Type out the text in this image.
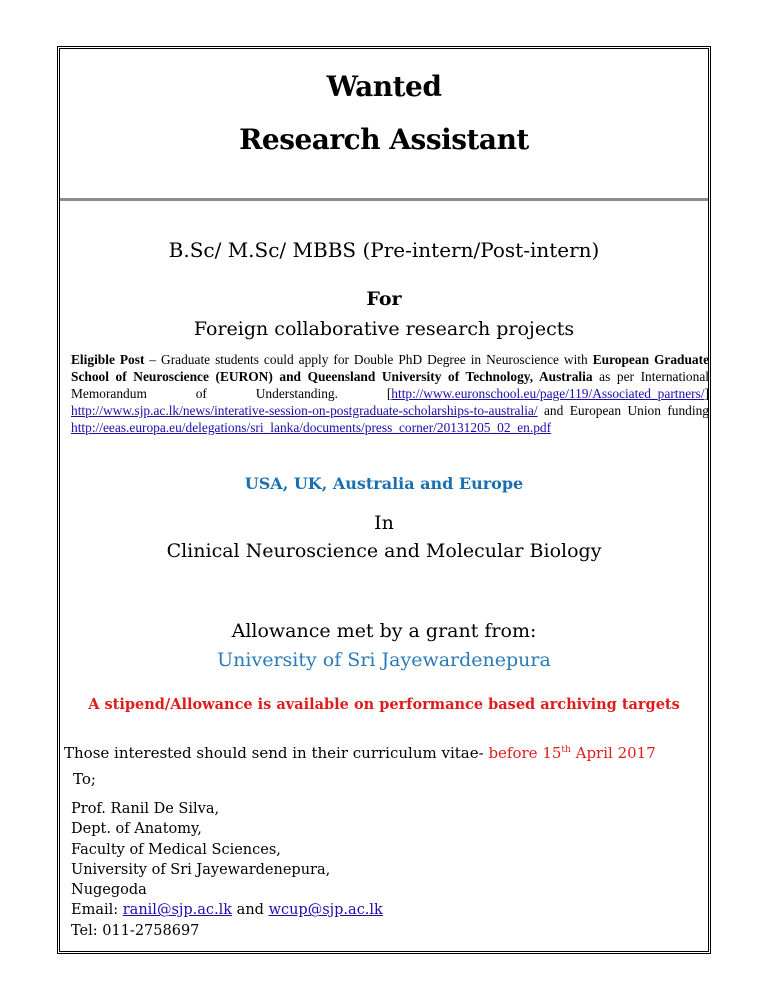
Wanted
Research Assistant
B.Sc/ M.Sc/ MBBS (Pre-intern/Post-intern)
For
Foreign collaborative research projects
Eligible Post – Graduate students could apply for Double PhD Degree in Neuroscience with European Graduate School of Neuroscience (EURON) and Queensland University of Technology, Australia as per International Memorandum of Understanding. [http://www.euronschool.eu/page/119/Associated_partners/] http://www.sjp.ac.lk/news/interative-session-on-postgraduate-scholarships-to-australia/ and European Union funding http://eeas.europa.eu/delegations/sri_lanka/documents/press_corner/20131205_02_en.pdf
USA, UK, Australia and Europe
In
Clinical Neuroscience and Molecular Biology
Allowance met by a grant from:
University of Sri Jayewardenepura
A stipend/Allowance is available on performance based archiving targets
Those interested should send in their curriculum vitae- before 15th April 2017
To;
Prof. Ranil De Silva,
Dept. of Anatomy,
Faculty of Medical Sciences,
University of Sri Jayewardenepura,
Nugegoda
Email: ranil@sjp.ac.lk and wcup@sjp.ac.lk
Tel: 011-2758697
